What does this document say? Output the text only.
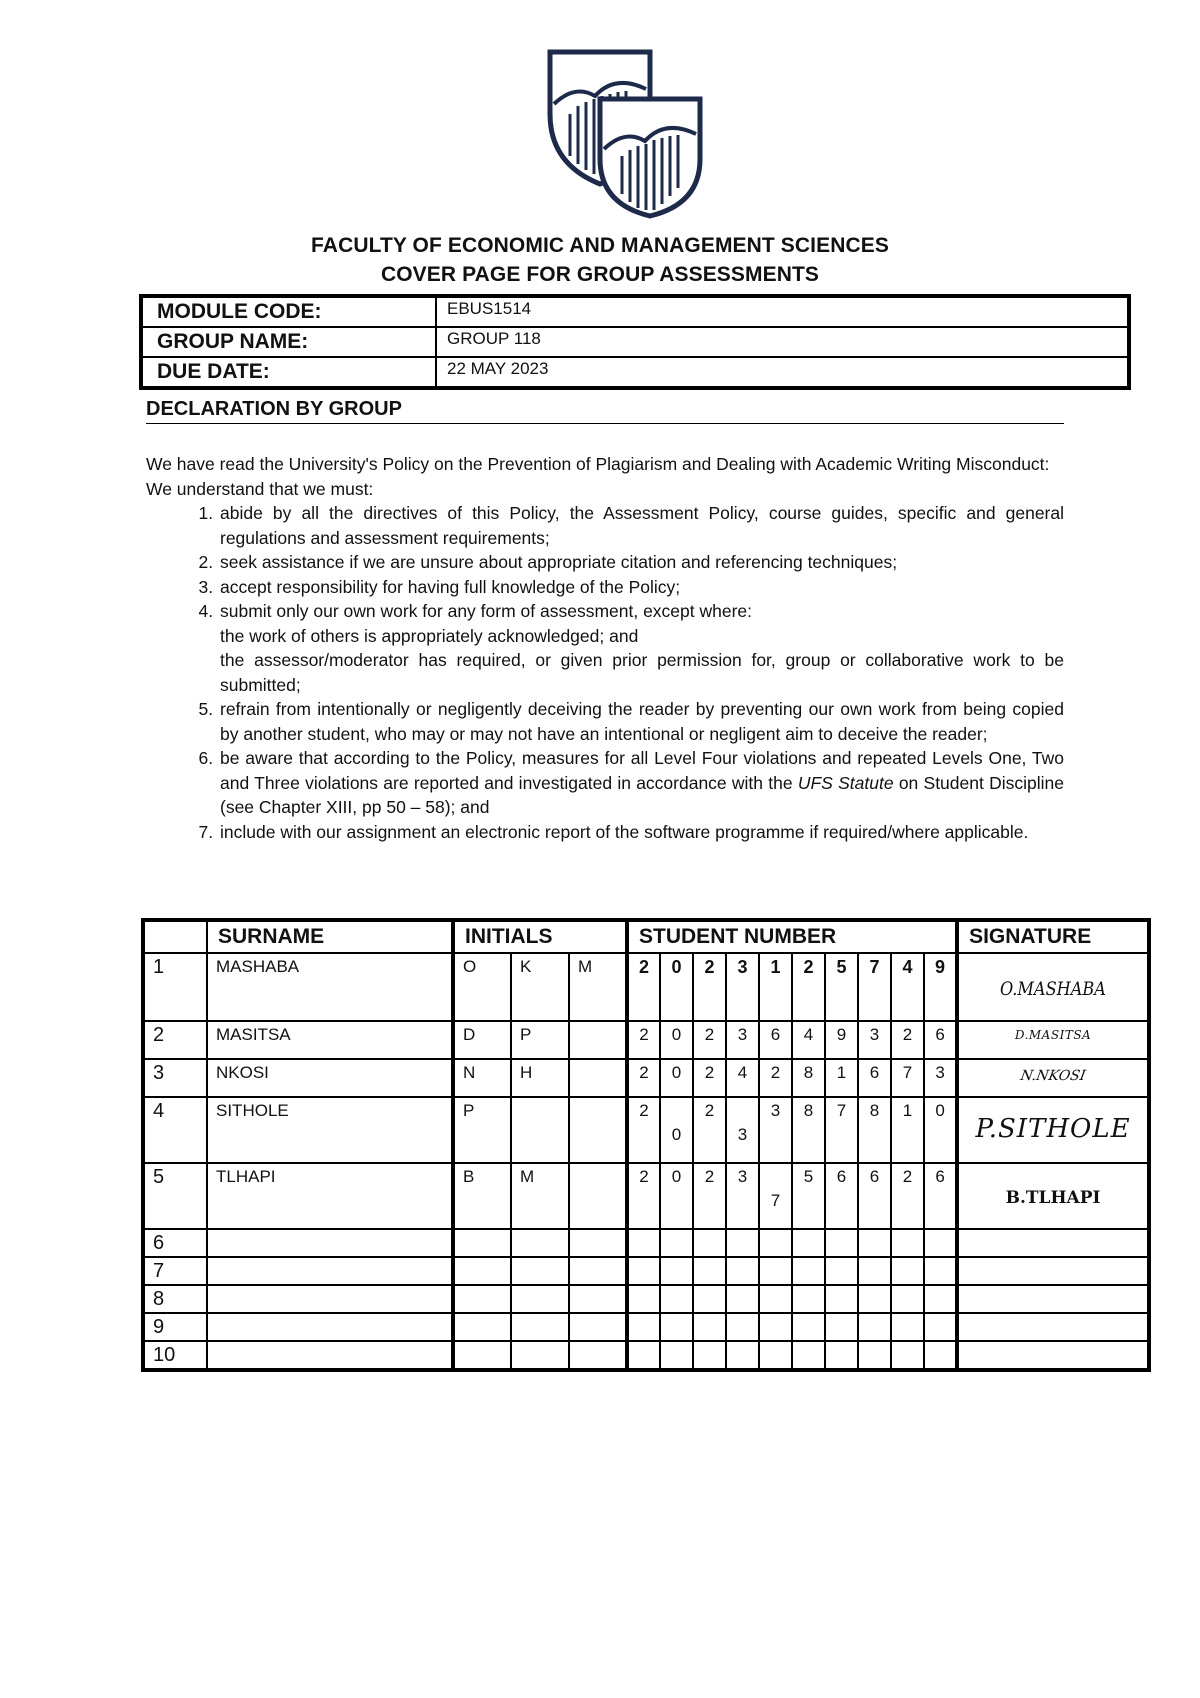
FACULTY OF ECONOMIC AND MANAGEMENT SCIENCES
COVER PAGE FOR GROUP ASSESSMENTS
MODULE CODE:	EBUS1514
GROUP NAME:	GROUP 118
DUE DATE:	22 MAY 2023
DECLARATION BY GROUP

We have read the University's Policy on the Prevention of Plagiarism and Dealing with Academic Writing Misconduct:

We understand that we must:

1. abide by all the directives of this Policy, the Assessment Policy, course guides, specific and general regulations and assessment requirements;
2. seek assistance if we are unsure about appropriate citation and referencing techniques;
3. accept responsibility for having full knowledge of the Policy;
4. submit only our own work for any form of assessment, except where:
the work of others is appropriately acknowledged; and
the assessor/moderator has required, or given prior permission for, group or collaborative work to be submitted;
5. refrain from intentionally or negligently deceiving the reader by preventing our own work from being copied by another student, who may or may not have an intentional or negligent aim to deceive the reader;
6. be aware that according to the Policy, measures for all Level Four violations and repeated Levels One, Two and Three violations are reported and investigated in accordance with the UFS Statute on Student Discipline (see Chapter XIII, pp 50 – 58); and
7. include with our assignment an electronic report of the software programme if required/where applicable.
	SURNAME	INITIALS			STUDENT NUMBER										SIGNATURE
1	MASHABA	O	K	M	2	0	2	3	1	2	5	7	4	9	O.MASHABA

2	MASITSA	D	P		2	0	2	3	6	4	9	3	2	6	D.MASITSA

3	NKOSI	N	H		2	0	2	4	2	8	1	6	7	3	N.NKOSI

4	SITHOLE	P			2	0	2	3	3	8	7	8	1	0	P.SITHOLE

5	TLHAPI	B	M		2	0	2	3	7	5	6	6	2	6	B.TLHAPI

6															
7															
8															
9															
10															
